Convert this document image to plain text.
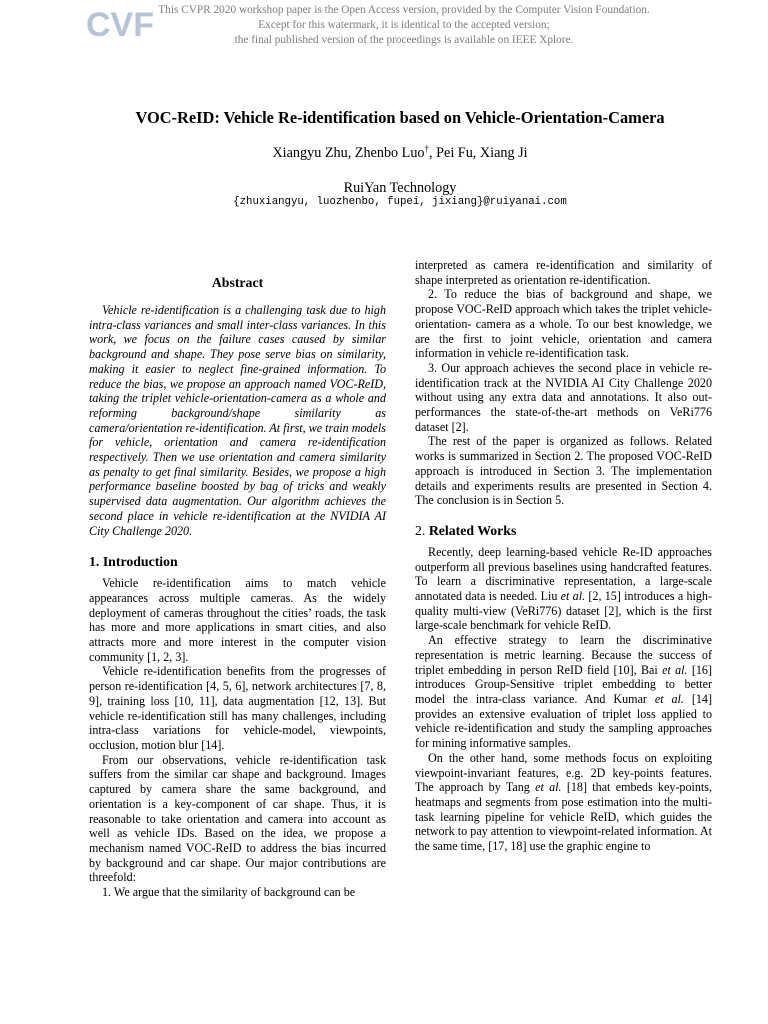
CVF This CVPR 2020 workshop paper is the Open Access version, provided by the Computer Vision Foundation.
Except for this watermark, it is identical to the accepted version;
the final published version of the proceedings is available on IEEE Xplore.
VOC-ReID: Vehicle Re-identification based on Vehicle-Orientation-Camera
Xiangyu Zhu, Zhenbo Luo†, Pei Fu, Xiang Ji
RuiYan Technology
{zhuxiangyu, luozhenbo, fupei, jixiang}@ruiyanai.com
Abstract

Vehicle re-identification is a challenging task due to high intra-class variances and small inter-class variances. In this work, we focus on the failure cases caused by similar background and shape. They pose serve bias on similarity, making it easier to neglect fine-grained information. To reduce the bias, we propose an approach named VOC-ReID, taking the triplet vehicle-orientation-camera as a whole and reforming background/shape similarity as camera/orientation re-identification. At first, we train models for vehicle, orientation and camera re-identification respectively. Then we use orientation and camera similarity as penalty to get final similarity. Besides, we propose a high performance baseline boosted by bag of tricks and weakly supervised data augmentation. Our algorithm achieves the second place in vehicle re-identification at the NVIDIA AI City Challenge 2020.

1. Introduction

Vehicle re-identification aims to match vehicle appearances across multiple cameras. As the widely deployment of cameras throughout the cities’ roads, the task has more and more applications in smart cities, and also attracts more and more interest in the computer vision community [1, 2, 3].

Vehicle re-identification benefits from the progresses of person re-identification [4, 5, 6], network architectures [7, 8, 9], training loss [10, 11], data augmentation [12, 13]. But vehicle re-identification still has many challenges, including intra-class variations for vehicle-model, viewpoints, occlusion, motion blur [14].

From our observations, vehicle re-identification task suffers from the similar car shape and background. Images captured by camera share the same background, and orientation is a key-component of car shape. Thus, it is reasonable to take orientation and camera into account as well as vehicle IDs. Based on the idea, we propose a mechanism named VOC-ReID to address the bias incurred by background and car shape. Our major contributions are threefold:

1. We argue that the similarity of background can be

interpreted as camera re-identification and similarity of shape interpreted as orientation re-identification.

2. To reduce the bias of background and shape, we propose VOC-ReID approach which takes the triplet vehicle-orientation- camera as a whole. To our best knowledge, we are the first to joint vehicle, orientation and camera information in vehicle re-identification task.

3. Our approach achieves the second place in vehicle re-identification track at the NVIDIA AI City Challenge 2020 without using any extra data and annotations. It also out-performances the state-of-the-art methods on VeRi776 dataset [2].

The rest of the paper is organized as follows. Related works is summarized in Section 2. The proposed VOC-ReID approach is introduced in Section 3. The implementation details and experiments results are presented in Section 4. The conclusion is in Section 5.

2. Related Works

Recently, deep learning-based vehicle Re-ID approaches outperform all previous baselines using handcrafted features. To learn a discriminative representation, a large-scale annotated data is needed. Liu et al. [2, 15] introduces a high-quality multi-view (VeRi776) dataset [2], which is the first large-scale benchmark for vehicle ReID.

An effective strategy to learn the discriminative representation is metric learning. Because the success of triplet embedding in person ReID field [10], Bai et al. [16] introduces Group-Sensitive triplet embedding to better model the intra-class variance. And Kumar et al. [14] provides an extensive evaluation of triplet loss applied to vehicle re-identification and study the sampling approaches for mining informative samples.

On the other hand, some methods focus on exploiting viewpoint-invariant features, e.g. 2D key-points features. The approach by Tang et al. [18] that embeds key-points, heatmaps and segments from pose estimation into the multi-task learning pipeline for vehicle ReID, which guides the network to pay attention to viewpoint-related information. At the same time, [17, 18] use the graphic engine to
